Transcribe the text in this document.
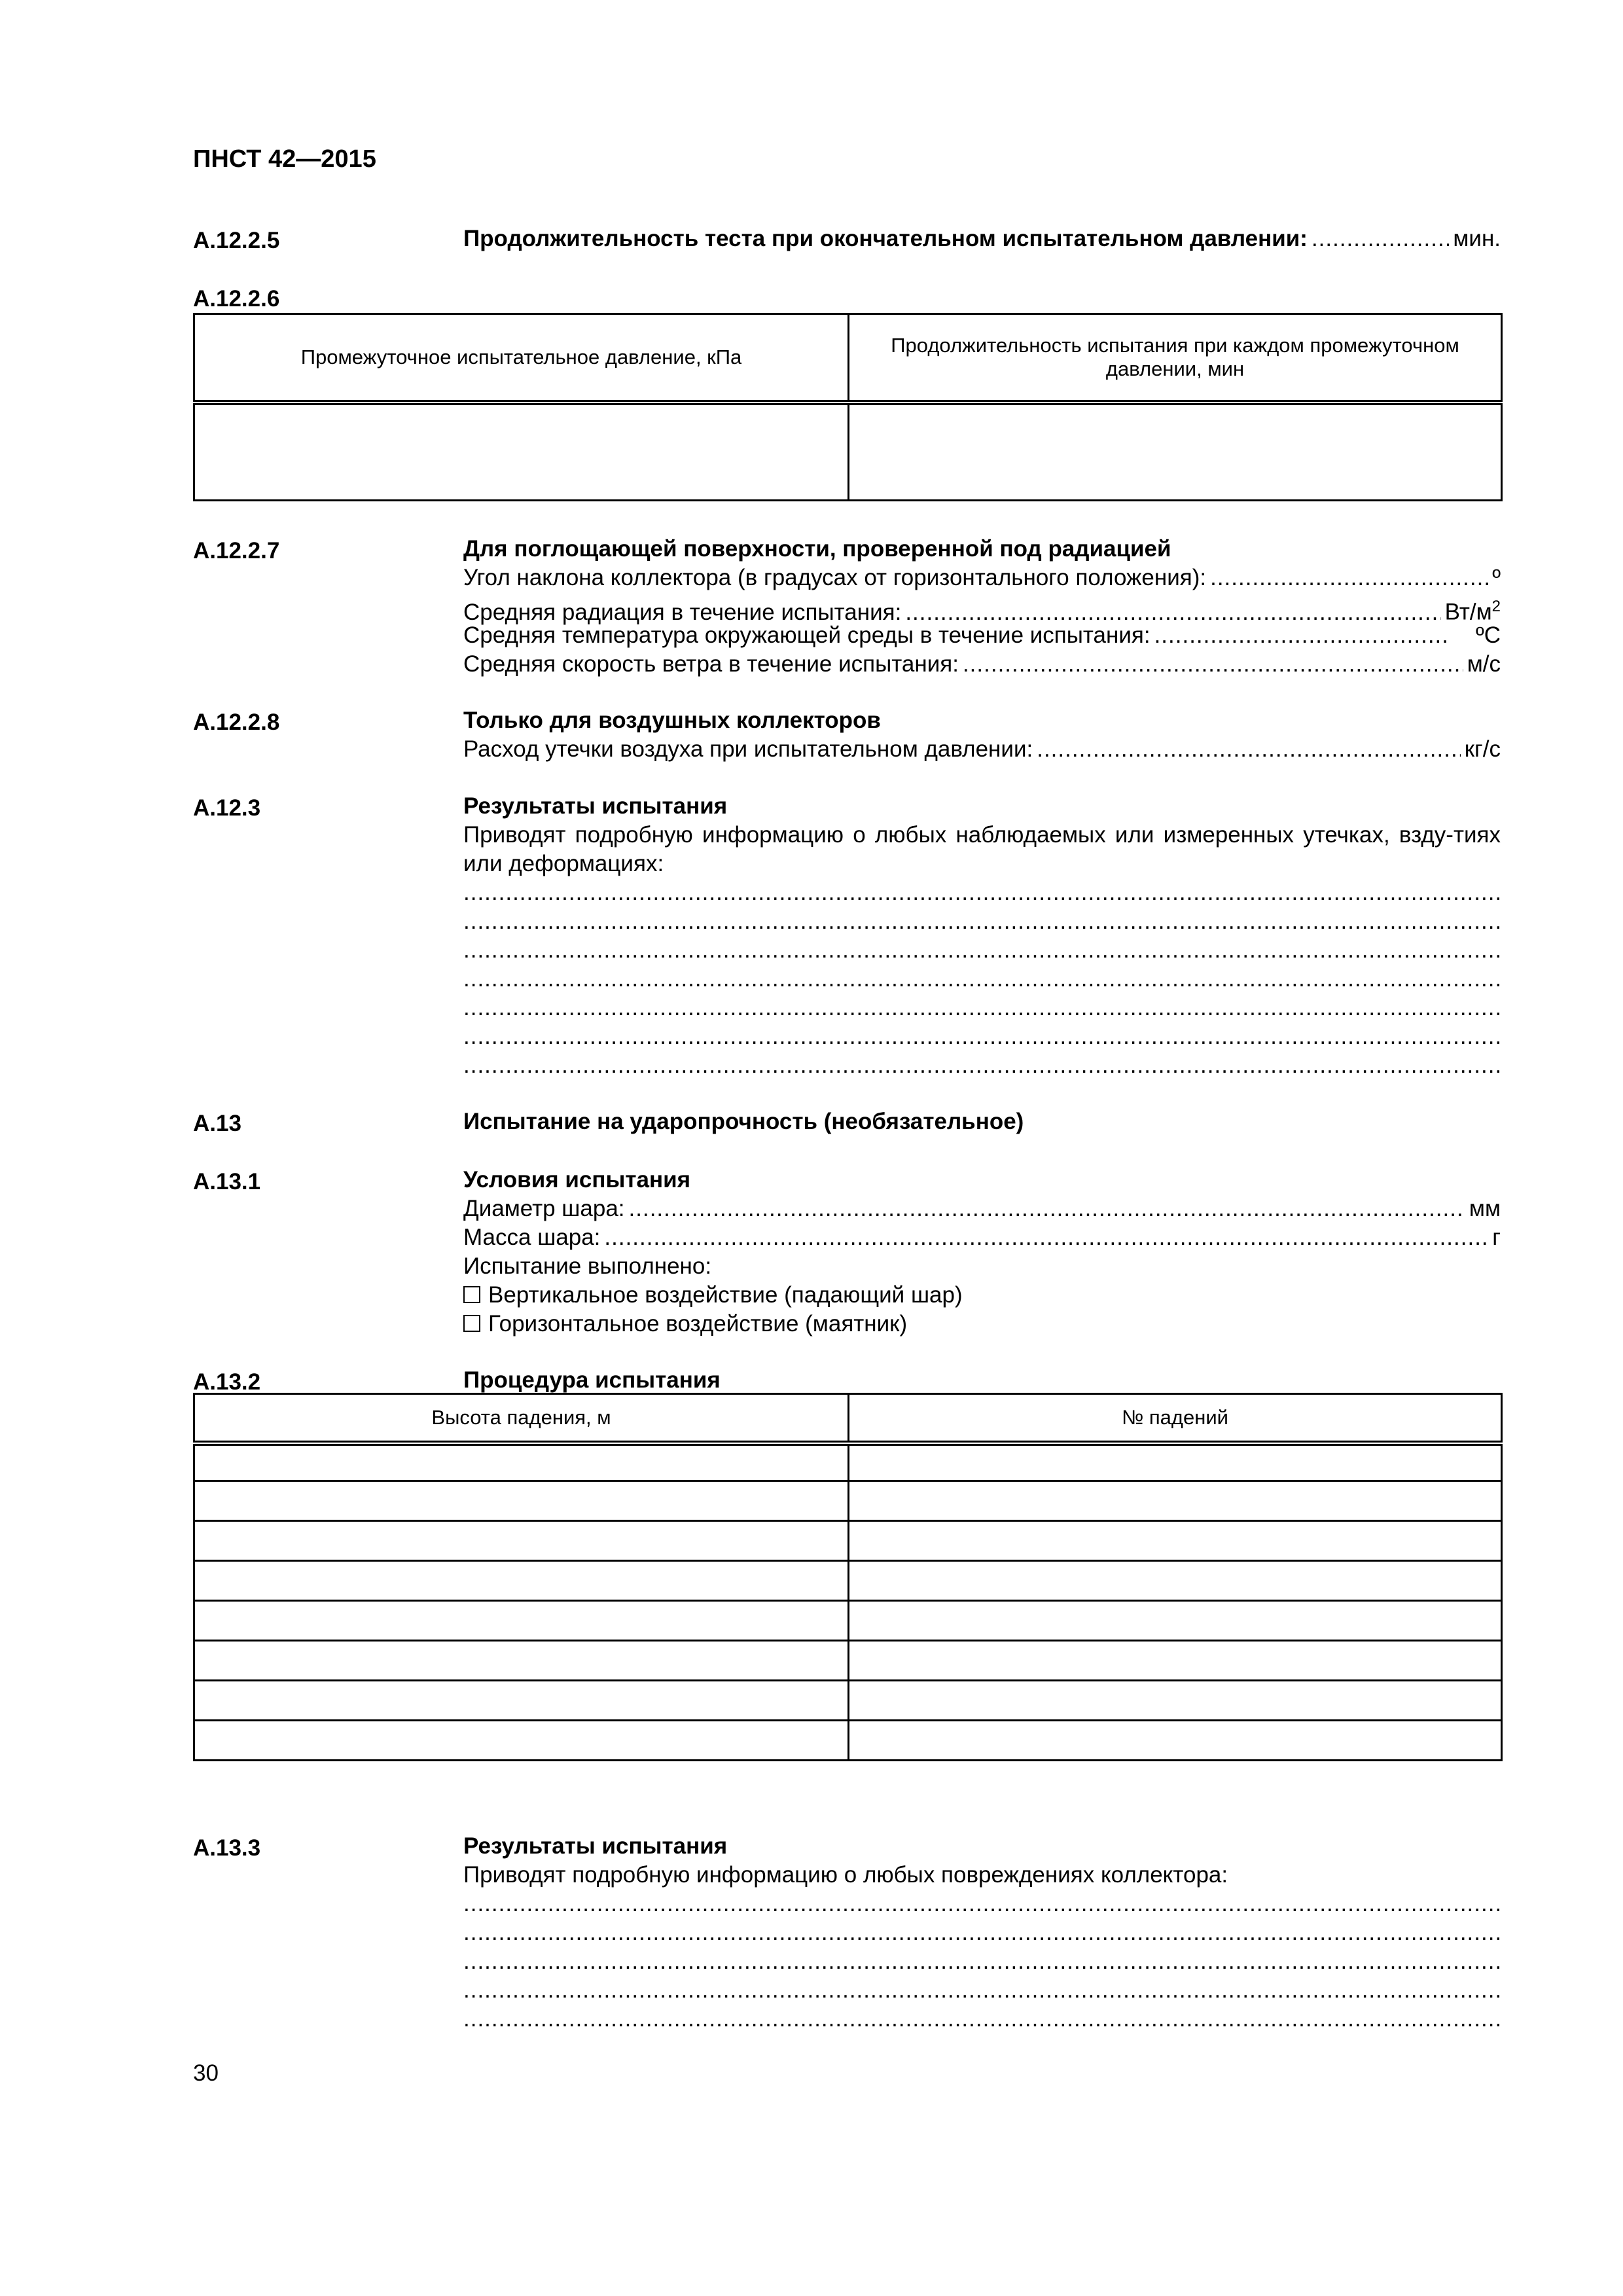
ПНСТ 42—2015
А.12.2.5	Продолжительность теста при окончательном испытательном давлении: .....	мин.
А.12.2.6
Промежуточное испытательное давление, кПа	Продолжительность испытания при каждом промежуточном давлении, мин

А.12.2.7	Для поглощающей поверхности, проверенной под радиацией
Угол наклона коллектора (в градусах от горизонтального положения): .....	º
Средняя радиация в течение испытания: .....	$Вт/м^2$
Средняя температура окружающей среды в течение испытания: .....	ºС
Средняя скорость ветра в течение испытания: .....	м/с
А.12.2.8	Только для воздушных коллекторов
Расход утечки воздуха при испытательном давлении: .....	кг/с
А.12.3	Результаты испытания
Приводят подробную информацию о любых наблюдаемых или измеренных утечках, взду-тиях или деформациях:
.....
.....
.....
.....
.....
.....
.....
А.13	Испытание на ударопрочность (необязательное)
А.13.1	Условия испытания
Диаметр шара: .....	мм
Масса шара: .....	г
Испытание выполнено:
Вертикальное воздействие (падающий шар)
Горизонтальное воздействие (маятник)
А.13.2	Процедура испытания
Высота падения, м	№ падений

А.13.3	Результаты испытания
Приводят подробную информацию о любых повреждениях коллектора:
.....
.....
.....
.....
.....
30
